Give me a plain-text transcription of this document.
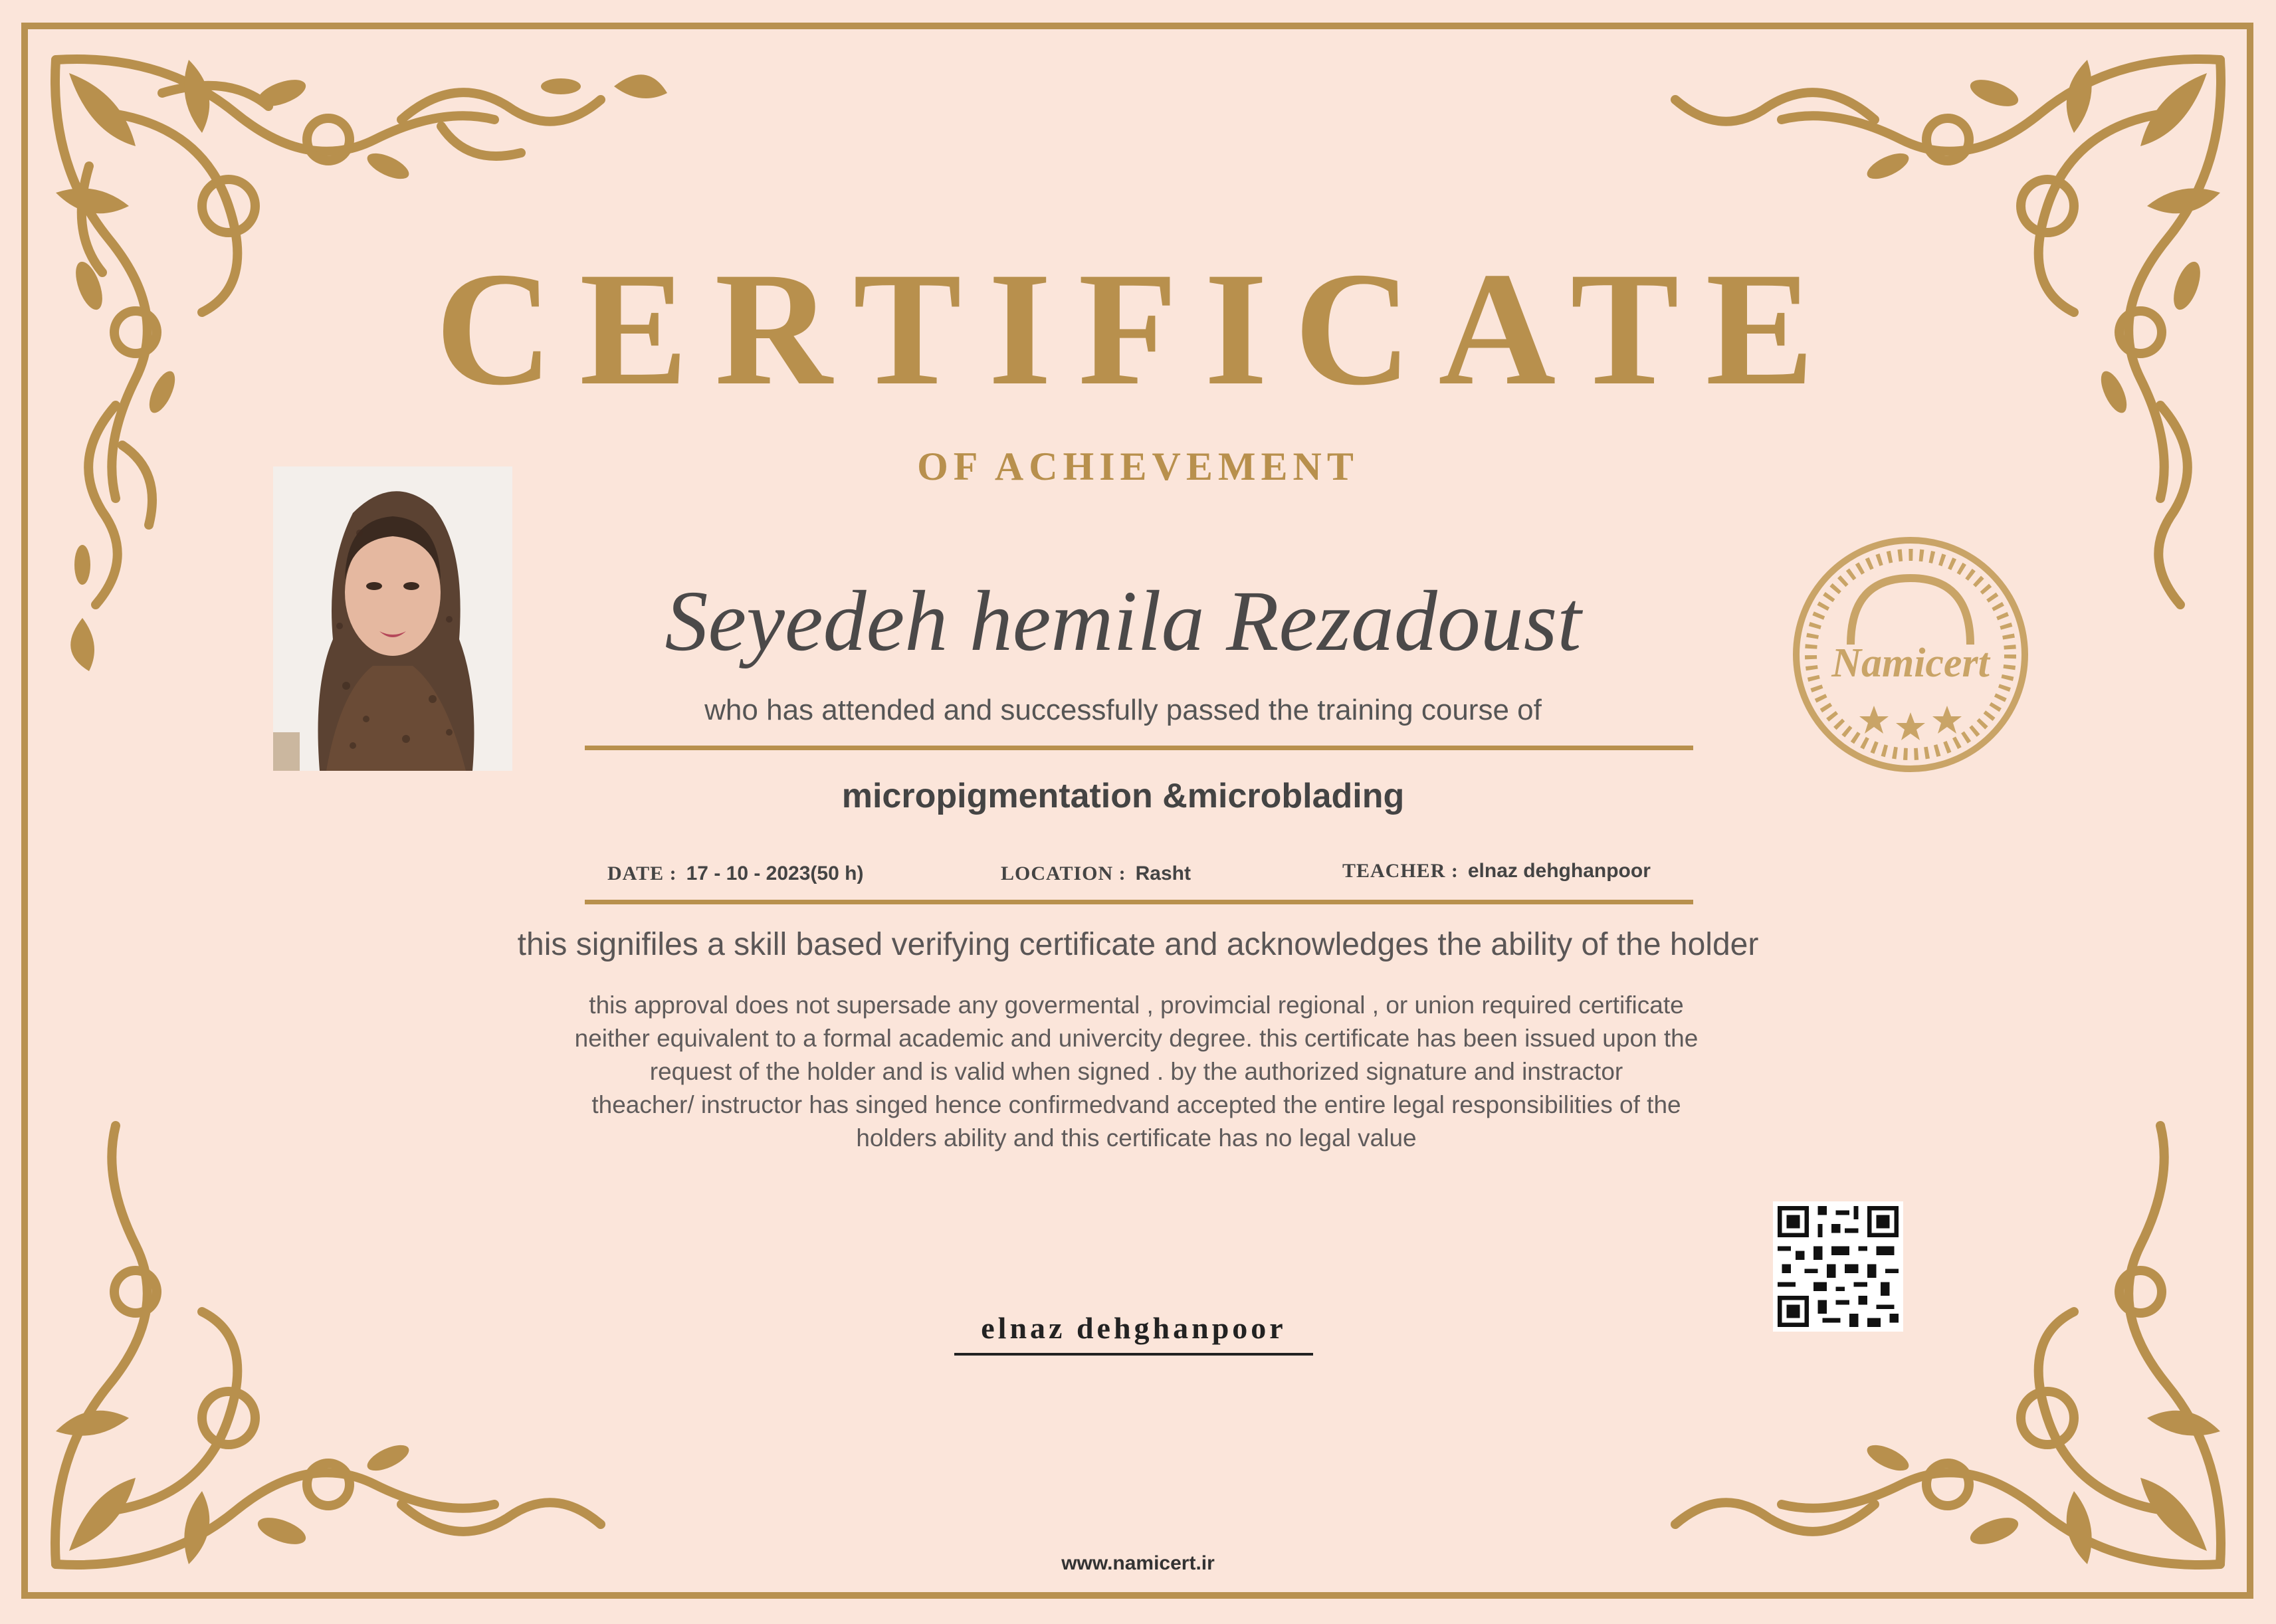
CERTIFICATE
OF ACHIEVEMENT
Seyedeh hemila Rezadoust
who has attended and successfully passed the training course of
micropigmentation &microblading
DATE : 17 - 10 - 2023(50 h)	LOCATION : Rasht	TEACHER : elnaz dehghanpoor
this signifiles a skill based verifying certificate and acknowledges the ability of the holder
this approval does not supersade any govermental , provimcial regional , or union required certificate
neither equivalent to a formal academic and univercity degree. this certificate has been issued upon the
request of the holder and is valid when signed . by the authorized signature and instractor
theacher/ instructor has singed hence confirmedvand accepted the entire legal responsibilities of the
holders ability and this certificate has no legal value
Namicert
elnaz dehghanpoor
www.namicert.ir
